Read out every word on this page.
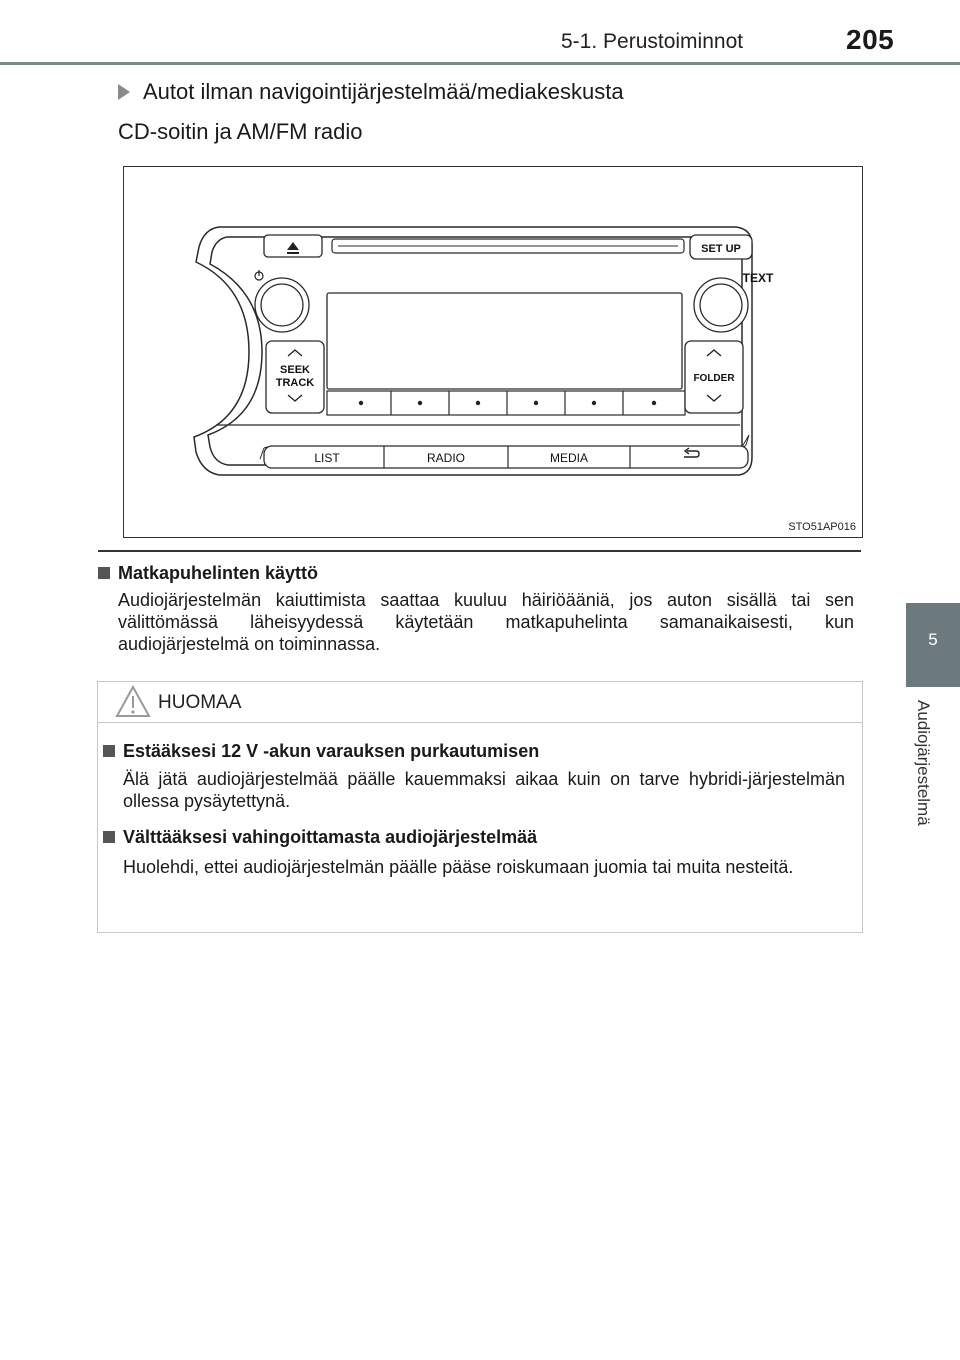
5-1. Perustoiminnot	205
5
Audiojärjestelmä
Autot ilman navigointijärjestelmää/mediakeskusta
CD-soitin ja AM/FM radio
SET UP
TEXT
SEEK
TRACK	FOLDER
LIST	RADIO	MEDIA
STO51AP016
Matkapuhelinten käyttö
Audiojärjestelmän kaiuttimista saattaa kuuluu häiriöääniä, jos auton sisällä tai sen välittömässä läheisyydessä käytetään matkapuhelinta samanaikaisesti, kun audiojärjestelmä on toiminnassa.
HUOMAA
Estääksesi 12 V -akun varauksen purkautumisen
Älä jätä audiojärjestelmää päälle kauemmaksi aikaa kuin on tarve hybridi-järjestelmän ollessa pysäytettynä.
Välttääksesi vahingoittamasta audiojärjestelmää
Huolehdi, ettei audiojärjestelmän päälle pääse roiskumaan juomia tai muita nesteitä.
